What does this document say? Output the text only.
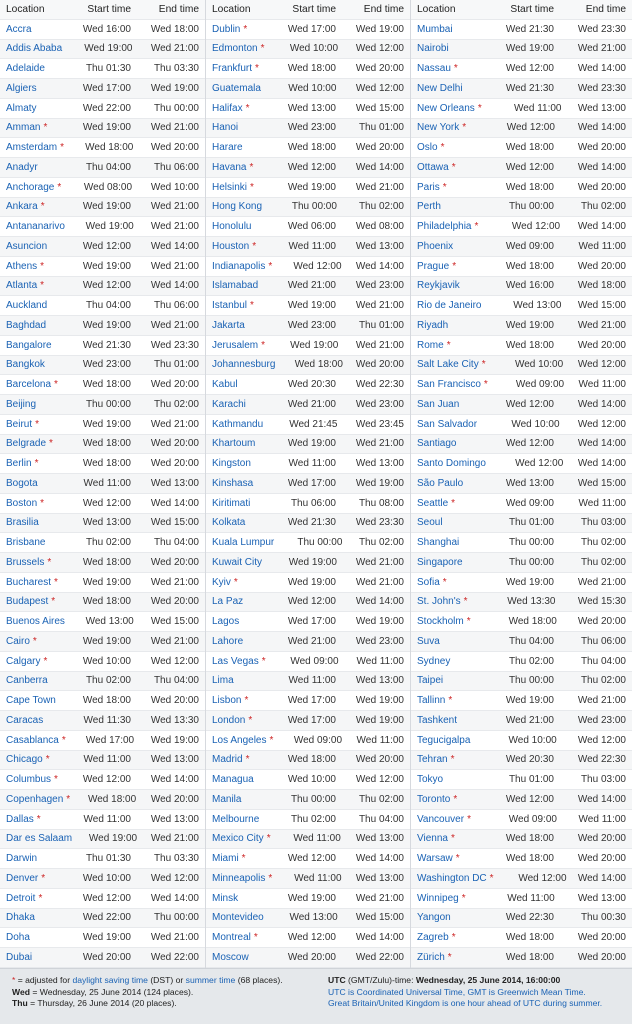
Location	Start time	End time
Accra	Wed 16:00	Wed 18:00
Addis Ababa	Wed 19:00	Wed 21:00
Adelaide	Thu 01:30	Thu 03:30
Algiers	Wed 17:00	Wed 19:00
Almaty	Wed 22:00	Thu 00:00
Amman *	Wed 19:00	Wed 21:00
Amsterdam *	Wed 18:00	Wed 20:00
Anadyr	Thu 04:00	Thu 06:00
Anchorage *	Wed 08:00	Wed 10:00
Ankara *	Wed 19:00	Wed 21:00
Antananarivo	Wed 19:00	Wed 21:00
Asuncion	Wed 12:00	Wed 14:00
Athens *	Wed 19:00	Wed 21:00
Atlanta *	Wed 12:00	Wed 14:00
Auckland	Thu 04:00	Thu 06:00
Baghdad	Wed 19:00	Wed 21:00
Bangalore	Wed 21:30	Wed 23:30
Bangkok	Wed 23:00	Thu 01:00
Barcelona *	Wed 18:00	Wed 20:00
Beijing	Thu 00:00	Thu 02:00
Beirut *	Wed 19:00	Wed 21:00
Belgrade *	Wed 18:00	Wed 20:00
Berlin *	Wed 18:00	Wed 20:00
Bogota	Wed 11:00	Wed 13:00
Boston *	Wed 12:00	Wed 14:00
Brasilia	Wed 13:00	Wed 15:00
Brisbane	Thu 02:00	Thu 04:00
Brussels *	Wed 18:00	Wed 20:00
Bucharest *	Wed 19:00	Wed 21:00
Budapest *	Wed 18:00	Wed 20:00
Buenos Aires	Wed 13:00	Wed 15:00
Cairo *	Wed 19:00	Wed 21:00
Calgary *	Wed 10:00	Wed 12:00
Canberra	Thu 02:00	Thu 04:00
Cape Town	Wed 18:00	Wed 20:00
Caracas	Wed 11:30	Wed 13:30
Casablanca *	Wed 17:00	Wed 19:00
Chicago *	Wed 11:00	Wed 13:00
Columbus *	Wed 12:00	Wed 14:00
Copenhagen *	Wed 18:00	Wed 20:00
Dallas *	Wed 11:00	Wed 13:00
Dar es Salaam	Wed 19:00	Wed 21:00
Darwin	Thu 01:30	Thu 03:30
Denver *	Wed 10:00	Wed 12:00
Detroit *	Wed 12:00	Wed 14:00
Dhaka	Wed 22:00	Thu 00:00
Doha	Wed 19:00	Wed 21:00
Dubai	Wed 20:00	Wed 22:00
Location	Start time	End time
Dublin *	Wed 17:00	Wed 19:00
Edmonton *	Wed 10:00	Wed 12:00
Frankfurt *	Wed 18:00	Wed 20:00
Guatemala	Wed 10:00	Wed 12:00
Halifax *	Wed 13:00	Wed 15:00
Hanoi	Wed 23:00	Thu 01:00
Harare	Wed 18:00	Wed 20:00
Havana *	Wed 12:00	Wed 14:00
Helsinki *	Wed 19:00	Wed 21:00
Hong Kong	Thu 00:00	Thu 02:00
Honolulu	Wed 06:00	Wed 08:00
Houston *	Wed 11:00	Wed 13:00
Indianapolis *	Wed 12:00	Wed 14:00
Islamabad	Wed 21:00	Wed 23:00
Istanbul *	Wed 19:00	Wed 21:00
Jakarta	Wed 23:00	Thu 01:00
Jerusalem *	Wed 19:00	Wed 21:00
Johannesburg	Wed 18:00	Wed 20:00
Kabul	Wed 20:30	Wed 22:30
Karachi	Wed 21:00	Wed 23:00
Kathmandu	Wed 21:45	Wed 23:45
Khartoum	Wed 19:00	Wed 21:00
Kingston	Wed 11:00	Wed 13:00
Kinshasa	Wed 17:00	Wed 19:00
Kiritimati	Thu 06:00	Thu 08:00
Kolkata	Wed 21:30	Wed 23:30
Kuala Lumpur	Thu 00:00	Thu 02:00
Kuwait City	Wed 19:00	Wed 21:00
Kyiv *	Wed 19:00	Wed 21:00
La Paz	Wed 12:00	Wed 14:00
Lagos	Wed 17:00	Wed 19:00
Lahore	Wed 21:00	Wed 23:00
Las Vegas *	Wed 09:00	Wed 11:00
Lima	Wed 11:00	Wed 13:00
Lisbon *	Wed 17:00	Wed 19:00
London *	Wed 17:00	Wed 19:00
Los Angeles *	Wed 09:00	Wed 11:00
Madrid *	Wed 18:00	Wed 20:00
Managua	Wed 10:00	Wed 12:00
Manila	Thu 00:00	Thu 02:00
Melbourne	Thu 02:00	Thu 04:00
Mexico City *	Wed 11:00	Wed 13:00
Miami *	Wed 12:00	Wed 14:00
Minneapolis *	Wed 11:00	Wed 13:00
Minsk	Wed 19:00	Wed 21:00
Montevideo	Wed 13:00	Wed 15:00
Montreal *	Wed 12:00	Wed 14:00
Moscow	Wed 20:00	Wed 22:00
Location	Start time	End time
Mumbai	Wed 21:30	Wed 23:30
Nairobi	Wed 19:00	Wed 21:00
Nassau *	Wed 12:00	Wed 14:00
New Delhi	Wed 21:30	Wed 23:30
New Orleans *	Wed 11:00	Wed 13:00
New York *	Wed 12:00	Wed 14:00
Oslo *	Wed 18:00	Wed 20:00
Ottawa *	Wed 12:00	Wed 14:00
Paris *	Wed 18:00	Wed 20:00
Perth	Thu 00:00	Thu 02:00
Philadelphia *	Wed 12:00	Wed 14:00
Phoenix	Wed 09:00	Wed 11:00
Prague *	Wed 18:00	Wed 20:00
Reykjavik	Wed 16:00	Wed 18:00
Rio de Janeiro	Wed 13:00	Wed 15:00
Riyadh	Wed 19:00	Wed 21:00
Rome *	Wed 18:00	Wed 20:00
Salt Lake City *	Wed 10:00	Wed 12:00
San Francisco *	Wed 09:00	Wed 11:00
San Juan	Wed 12:00	Wed 14:00
San Salvador	Wed 10:00	Wed 12:00
Santiago	Wed 12:00	Wed 14:00
Santo Domingo	Wed 12:00	Wed 14:00
São Paulo	Wed 13:00	Wed 15:00
Seattle *	Wed 09:00	Wed 11:00
Seoul	Thu 01:00	Thu 03:00
Shanghai	Thu 00:00	Thu 02:00
Singapore	Thu 00:00	Thu 02:00
Sofia *	Wed 19:00	Wed 21:00
St. John's *	Wed 13:30	Wed 15:30
Stockholm *	Wed 18:00	Wed 20:00
Suva	Thu 04:00	Thu 06:00
Sydney	Thu 02:00	Thu 04:00
Taipei	Thu 00:00	Thu 02:00
Tallinn *	Wed 19:00	Wed 21:00
Tashkent	Wed 21:00	Wed 23:00
Tegucigalpa	Wed 10:00	Wed 12:00
Tehran *	Wed 20:30	Wed 22:30
Tokyo	Thu 01:00	Thu 03:00
Toronto *	Wed 12:00	Wed 14:00
Vancouver *	Wed 09:00	Wed 11:00
Vienna *	Wed 18:00	Wed 20:00
Warsaw *	Wed 18:00	Wed 20:00
Washington DC *	Wed 12:00	Wed 14:00
Winnipeg *	Wed 11:00	Wed 13:00
Yangon	Wed 22:30	Thu 00:30
Zagreb *	Wed 18:00	Wed 20:00
Zürich *	Wed 18:00	Wed 20:00
* = adjusted for daylight saving time (DST) or summer time (68 places).
Wed = Wednesday, 25 June 2014 (124 places).
Thu = Thursday, 26 June 2014 (20 places).
UTC (GMT/Zulu)-time: Wednesday, 25 June 2014, 16:00:00
UTC is Coordinated Universal Time, GMT is Greenwich Mean Time.
Great Britain/United Kingdom is one hour ahead of UTC during summer.
